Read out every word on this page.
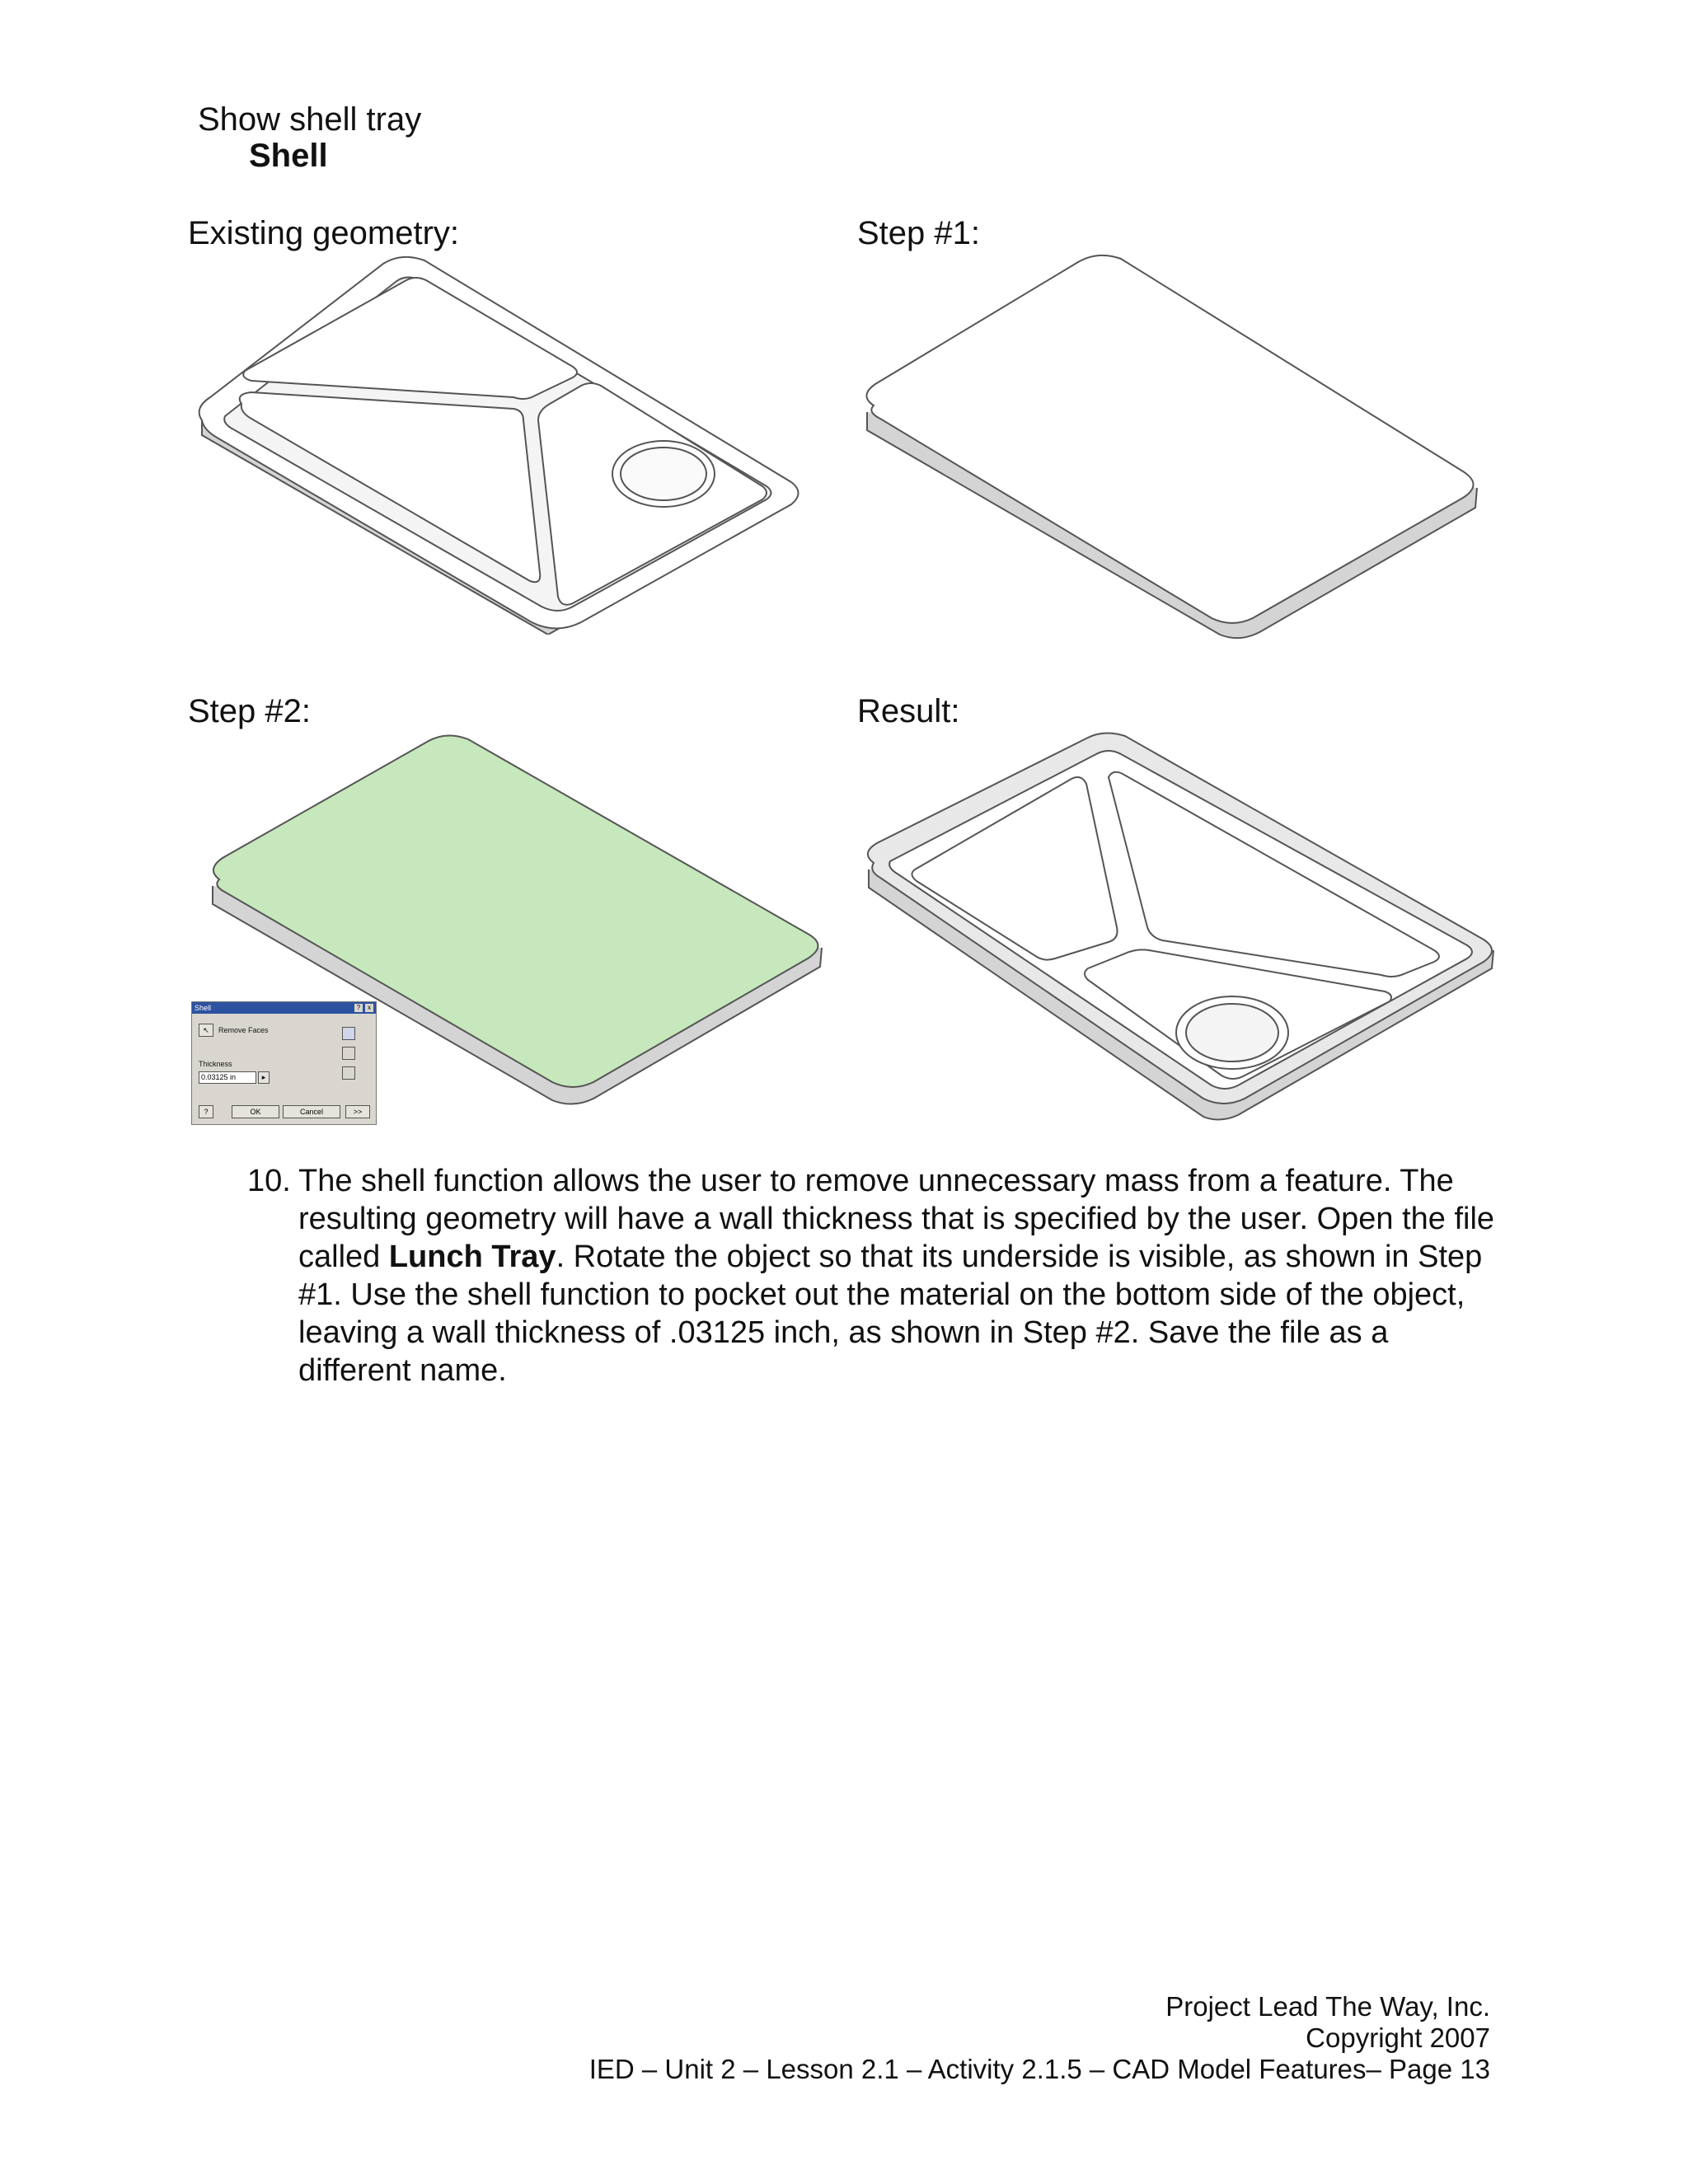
Show shell tray
Shell
Existing geometry:	Step #1:
Step #2:	Result:
Shell	?	x
↖	Remove Faces
Thickness
0.03125 in	▸
?	OK	Cancel	>>
10. The shell function allows the user to remove unnecessary mass from a feature. The resulting geometry will have a wall thickness that is specified by the user. Open the file called Lunch Tray. Rotate the object so that its underside is visible, as shown in Step #1. Use the shell function to pocket out the material on the bottom side of the object, leaving a wall thickness of .03125 inch, as shown in Step #2. Save the file as a different name.
Project Lead The Way, Inc.
Copyright 2007
IED – Unit 2 – Lesson 2.1 – Activity 2.1.5 – CAD Model Features– Page 13
